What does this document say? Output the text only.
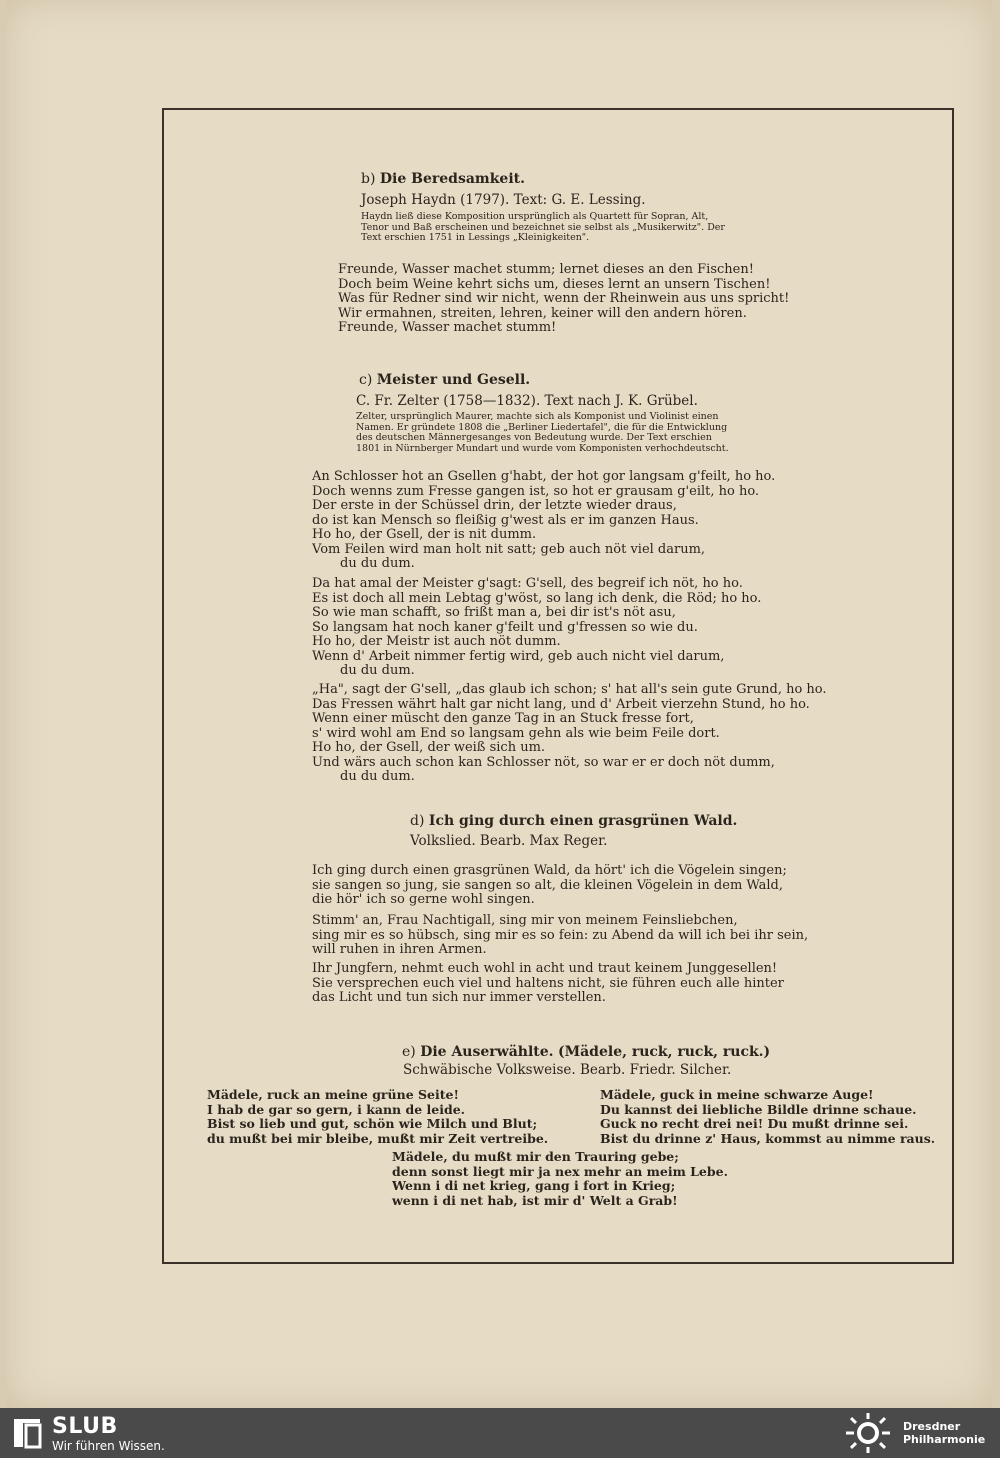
b) Die Beredsamkeit.
Joseph Haydn (1797). Text: G. E. Lessing.
Haydn ließ diese Komposition ursprünglich als Quartett für Sopran, Alt,
Tenor und Baß erscheinen und bezeichnet sie selbst als „Musikerwitz". Der
Text erschien 1751 in Lessings „Kleinigkeiten".
Freunde, Wasser machet stumm; lernet dieses an den Fischen!
Doch beim Weine kehrt sichs um, dieses lernt an unsern Tischen!
Was für Redner sind wir nicht, wenn der Rheinwein aus uns spricht!
Wir ermahnen, streiten, lehren, keiner will den andern hören.
Freunde, Wasser machet stumm!
c) Meister und Gesell.
C. Fr. Zelter (1758—1832). Text nach J. K. Grübel.
Zelter, ursprünglich Maurer, machte sich als Komponist und Violinist einen
Namen. Er gründete 1808 die „Berliner Liedertafel", die für die Entwicklung
des deutschen Männergesanges von Bedeutung wurde. Der Text erschien
1801 in Nürnberger Mundart und wurde vom Komponisten verhochdeutscht.
An Schlosser hot an Gsellen g'habt, der hot gor langsam g'feilt, ho ho.
Doch wenns zum Fresse gangen ist, so hot er grausam g'eilt, ho ho.
Der erste in der Schüssel drin, der letzte wieder draus,
do ist kan Mensch so fleißig g'west als er im ganzen Haus.
Ho ho, der Gsell, der is nit dumm.
Vom Feilen wird man holt nit satt; geb auch nöt viel darum,
du du dum.
Da hat amal der Meister g'sagt: G'sell, des begreif ich nöt, ho ho.
Es ist doch all mein Lebtag g'wöst, so lang ich denk, die Röd; ho ho.
So wie man schafft, so frißt man a, bei dir ist's nöt asu,
So langsam hat noch kaner g'feilt und g'fressen so wie du.
Ho ho, der Meistr ist auch nöt dumm.
Wenn d' Arbeit nimmer fertig wird, geb auch nicht viel darum,
du du dum.
„Ha", sagt der G'sell, „das glaub ich schon; s' hat all's sein gute Grund, ho ho.
Das Fressen währt halt gar nicht lang, und d' Arbeit vierzehn Stund, ho ho.
Wenn einer müscht den ganze Tag in an Stuck fresse fort,
s' wird wohl am End so langsam gehn als wie beim Feile dort.
Ho ho, der Gsell, der weiß sich um.
Und wärs auch schon kan Schlosser nöt, so war er er doch nöt dumm,
du du dum.
d) Ich ging durch einen grasgrünen Wald.
Volkslied. Bearb. Max Reger.
Ich ging durch einen grasgrünen Wald, da hört' ich die Vögelein singen;
sie sangen so jung, sie sangen so alt, die kleinen Vögelein in dem Wald,
die hör' ich so gerne wohl singen.
Stimm' an, Frau Nachtigall, sing mir von meinem Feinsliebchen,
sing mir es so hübsch, sing mir es so fein: zu Abend da will ich bei ihr sein,
will ruhen in ihren Armen.
Ihr Jungfern, nehmt euch wohl in acht und traut keinem Junggesellen!
Sie versprechen euch viel und haltens nicht, sie führen euch alle hinter
das Licht und tun sich nur immer verstellen.
e) Die Auserwählte. (Mädele, ruck, ruck, ruck.)
Schwäbische Volksweise. Bearb. Friedr. Silcher.
Mädele, ruck an meine grüne Seite!
I hab de gar so gern, i kann de leide.
Bist so lieb und gut, schön wie Milch und Blut;
du mußt bei mir bleibe, mußt mir Zeit vertreibe.
Mädele, guck in meine schwarze Auge!
Du kannst dei liebliche Bildle drinne schaue.
Guck no recht drei nei! Du mußt drinne sei.
Bist du drinne z' Haus, kommst au nimme raus.
Mädele, du mußt mir den Trauring gebe;
denn sonst liegt mir ja nex mehr an meim Lebe.
Wenn i di net krieg, gang i fort in Krieg;
wenn i di net hab, ist mir d' Welt a Grab!
SLUB
Wir führen Wissen.
Dresdner
Philharmonie
